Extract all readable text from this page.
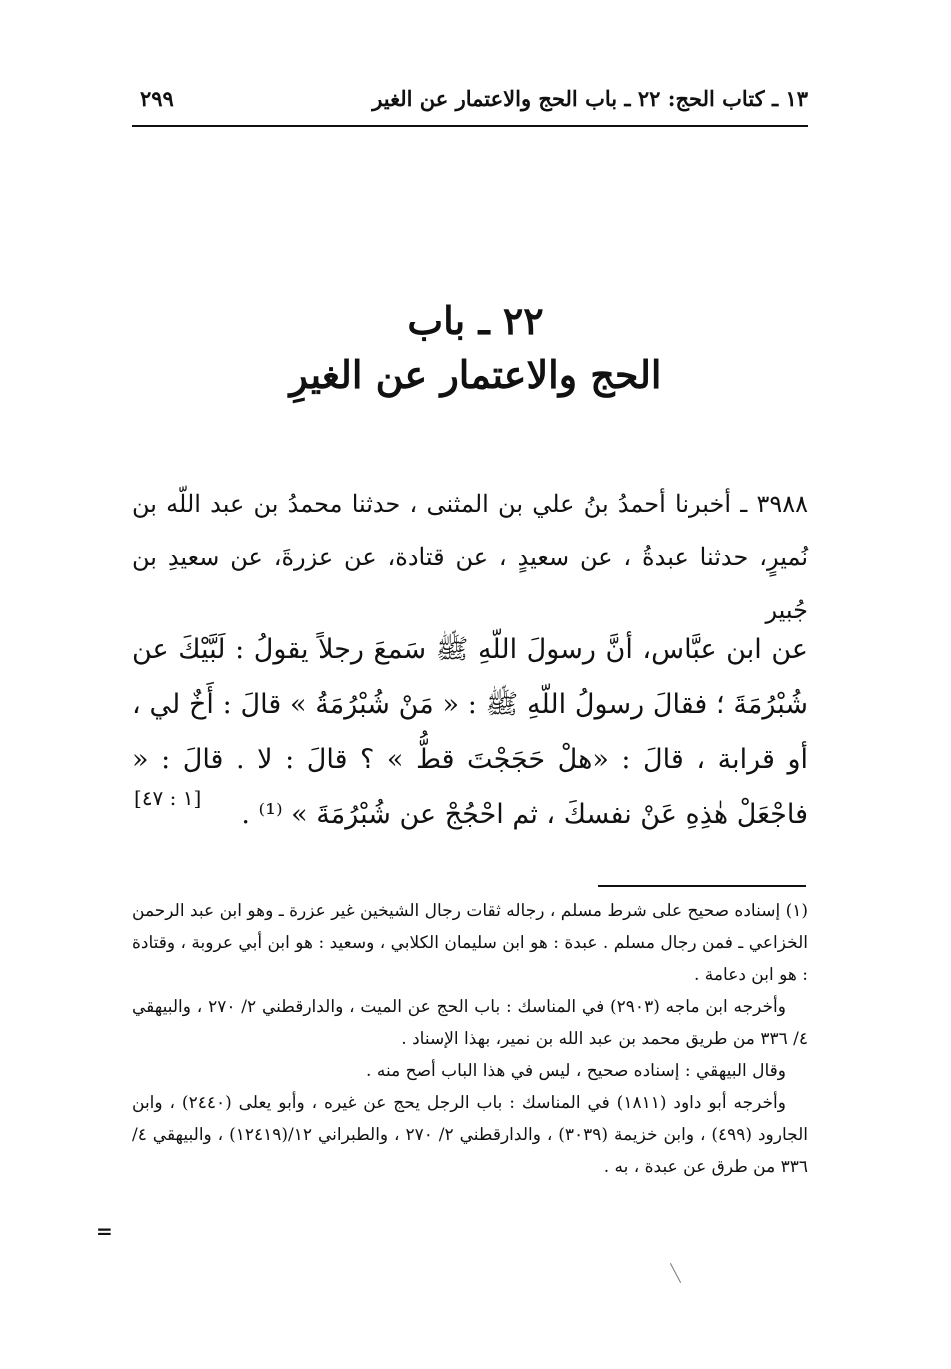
١٣ ـ كتاب الحج: ٢٢ ـ باب الحج والاعتمار عن الغير
٢٩٩
٢٢ ـ باب
الحج والاعتمار عن الغيرِ
٣٩٨٨ ـ أخبرنا أحمدُ بنُ علي بن المثنى ، حدثنا محمدُ بن عبد اللّه بن نُميرٍ، حدثنا عبدةُ ، عن سعيدٍ ، عن قتادة، عن عزرةَ، عن سعيدِ بن جُبير
عن ابن عبَّاس، أنَّ رسولَ اللّهِ ﷺ سَمعَ رجلاً يقولُ : لَبَّيْكَ عن شُبْرُمَةَ ؛ فقالَ رسولُ اللّهِ ﷺ : « مَنْ شُبْرُمَةُ » قالَ : أَخٌ لي ، أو قرابة ، قالَ : «هلْ حَجَجْتَ قطُّ » ؟ قالَ : لا . قالَ : « فاجْعَلْ هٰذِهِ عَنْ نفسكَ ، ثم احْجُجْ عن شُبْرُمَةَ » ⁽¹⁾ .
[١ : ٤٧]

(١) إسناده صحيح على شرط مسلم ، رجاله ثقات رجال الشيخين غير عزرة ـ وهو ابن عبد الرحمن الخزاعي ـ فمن رجال مسلم . عبدة : هو ابن سليمان الكلابي ، وسعيد : هو ابن أبي عروبة ، وقتادة : هو ابن دعامة .

وأخرجه ابن ماجه (٢٩٠٣) في المناسك : باب الحج عن الميت ، والدارقطني ٢/ ٢٧٠ ، والبيهقي ٤/ ٣٣٦ من طريق محمد بن عبد الله بن نمير، بهذا الإسناد .

وقال البيهقي : إسناده صحيح ، ليس في هذا الباب أصح منه .

وأخرجه أبو داود (١٨١١) في المناسك : باب الرجل يحج عن غيره ، وأبو يعلى (٢٤٤٠) ، وابن الجارود (٤٩٩) ، وابن خزيمة (٣٠٣٩) ، والدارقطني ٢/ ٢٧٠ ، والطبراني ١٢/(١٢٤١٩) ، والبيهقي ٤/ ٣٣٦ من طرق عن عبدة ، به .

=
